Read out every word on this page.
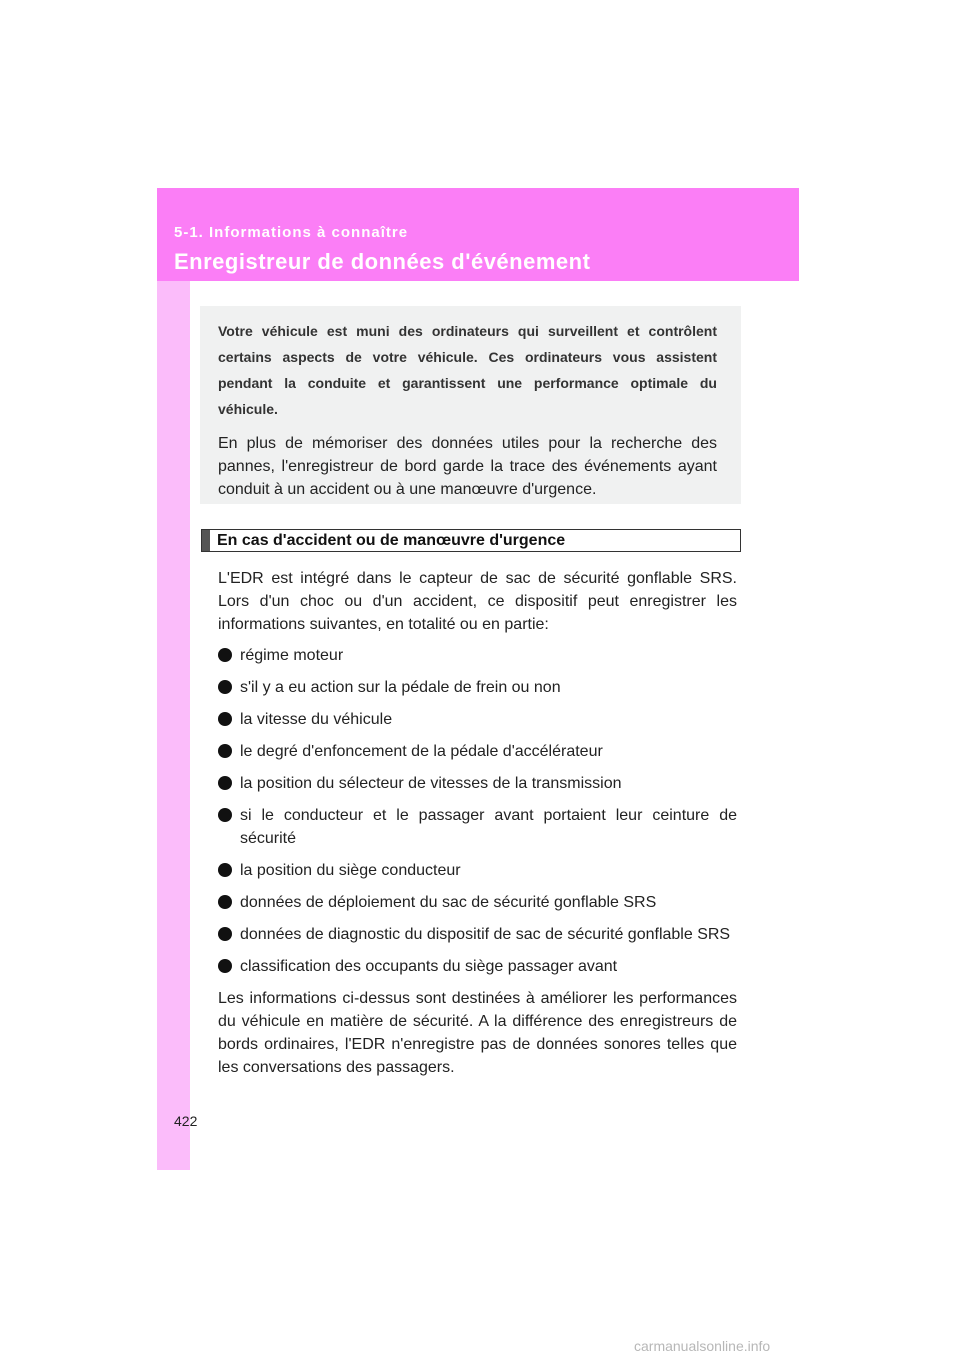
5-1. Informations à connaître

Enregistreur de données d'événement

Votre véhicule est muni des ordinateurs qui surveillent et contrôlent certains aspects de votre véhicule. Ces ordinateurs vous assistent pendant la conduite et garantissent une performance optimale du véhicule.

En plus de mémoriser des données utiles pour la recherche des pannes, l'enregistreur de bord garde la trace des événements ayant conduit à un accident ou à une manœuvre d'urgence.

En cas d'accident ou de manœuvre d'urgence

L'EDR est intégré dans le capteur de sac de sécurité gonflable SRS. Lors d'un choc ou d'un accident, ce dispositif peut enregistrer les informations suivantes, en totalité ou en partie:

régime moteur
s'il y a eu action sur la pédale de frein ou non
la vitesse du véhicule
le degré d'enfoncement de la pédale d'accélérateur
la position du sélecteur de vitesses de la transmission
si le conducteur et le passager avant portaient leur ceinture de sécurité
la position du siège conducteur
données de déploiement du sac de sécurité gonflable SRS
données de diagnostic du dispositif de sac de sécurité gonflable SRS
classification des occupants du siège passager avant

Les informations ci-dessus sont destinées à améliorer les performances du véhicule en matière de sécurité. A la différence des enregistreurs de bords ordinaires, l'EDR n'enregistre pas de données sonores telles que les conversations des passagers.

422

carmanualsonline.info
